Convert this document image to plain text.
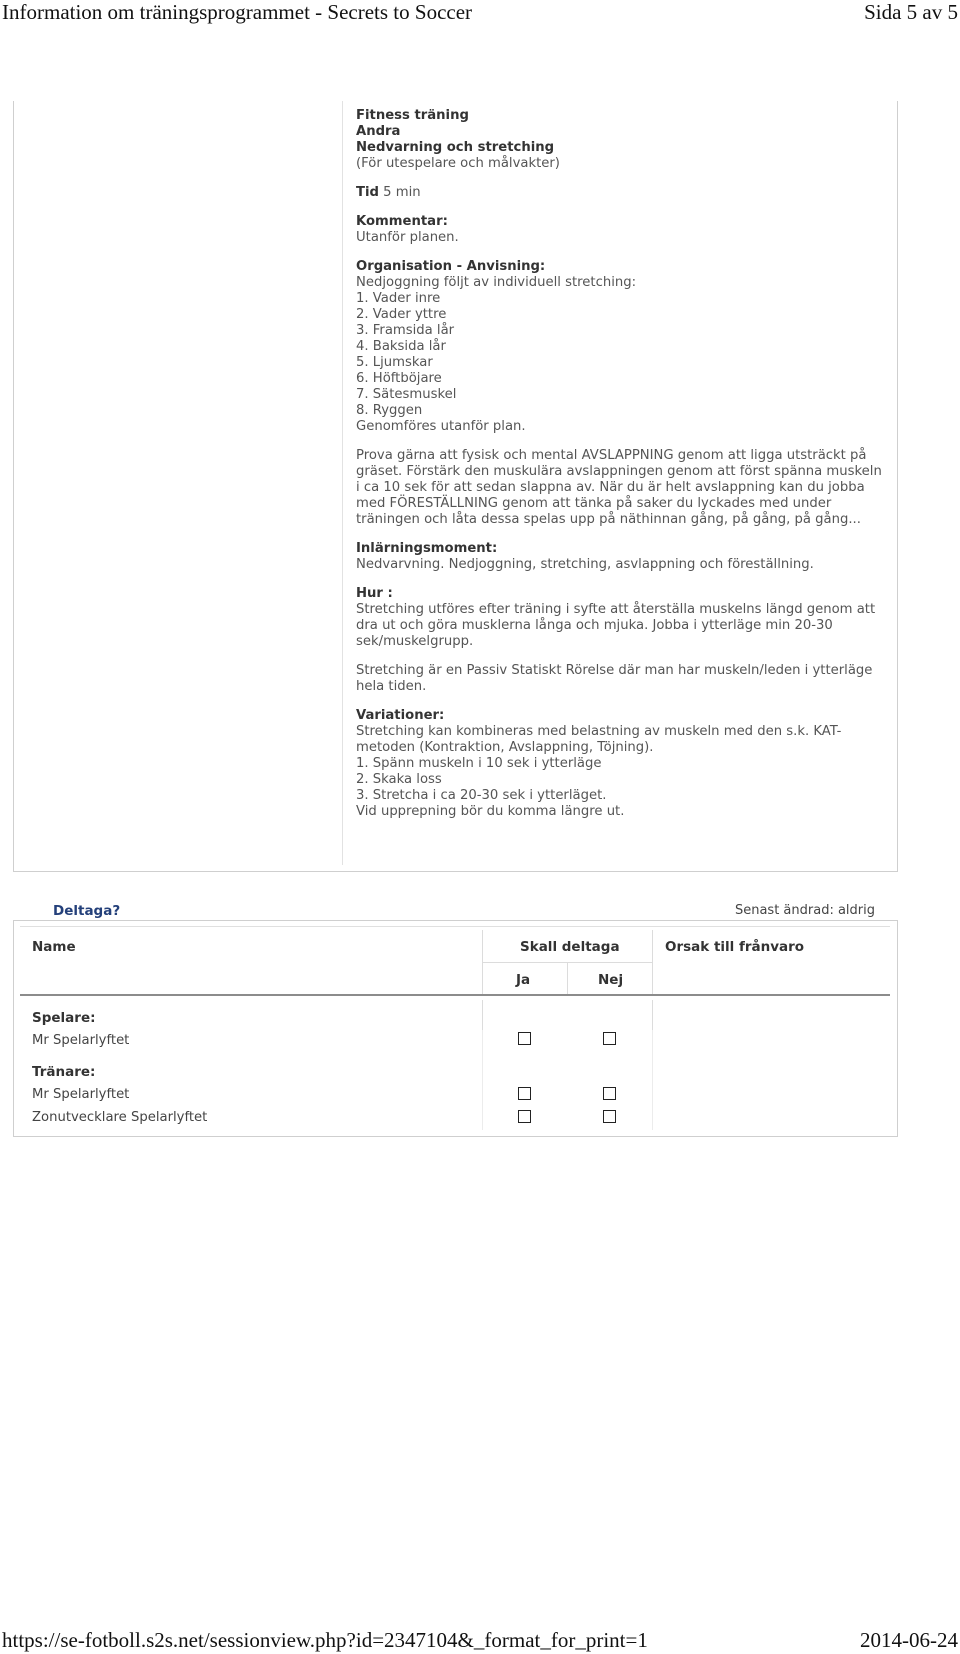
Information om träningsprogrammet - Secrets to Soccer	Sida 5 av 5
Fitness träning
Andra
Nedvarning och stretching
(För utespelare och målvakter)
Tid 5 min
Kommentar:
Utanför planen.
Organisation - Anvisning:
Nedjoggning följt av individuell stretching:
1. Vader inre
2. Vader yttre
3. Framsida lår
4. Baksida lår
5. Ljumskar
6. Höftböjare
7. Sätesmuskel
8. Ryggen
Genomföres utanför plan.
Prova gärna att fysisk och mental AVSLAPPNING genom att ligga utsträckt på gräset. Förstärk den muskulära avslappningen genom att först spänna muskeln i ca 10 sek för att sedan slappna av. När du är helt avslappning kan du jobba med FÖRESTÄLLNING genom att tänka på saker du lyckades med under träningen och låta dessa spelas upp på näthinnan gång, på gång, på gång...
Inlärningsmoment:
Nedvarvning. Nedjoggning, stretching, asvlappning och föreställning.
Hur :
Stretching utföres efter träning i syfte att återställa muskelns längd genom att dra ut och göra musklerna långa och mjuka. Jobba i ytterläge min 20-30 sek/muskelgrupp.
Stretching är en Passiv Statiskt Rörelse där man har muskeln/leden i ytterläge hela tiden.
Variationer:
Stretching kan kombineras med belastning av muskeln med den s.k. KAT-metoden (Kontraktion, Avslappning, Töjning).
1. Spänn muskeln i 10 sek i ytterläge
2. Skaka loss
3. Stretcha i ca 20-30 sek i ytterläget.
Vid upprepning bör du komma längre ut.
Deltaga?	Senast ändrad: aldrig
Name	Skall deltaga	Orsak till frånvaro
Ja	Nej
Spelare:
Mr Spelarlyftet
Tränare:
Mr Spelarlyftet
Zonutvecklare Spelarlyftet
https://se-fotboll.s2s.net/sessionview.php?id=2347104&_format_for_print=1	2014-06-24
